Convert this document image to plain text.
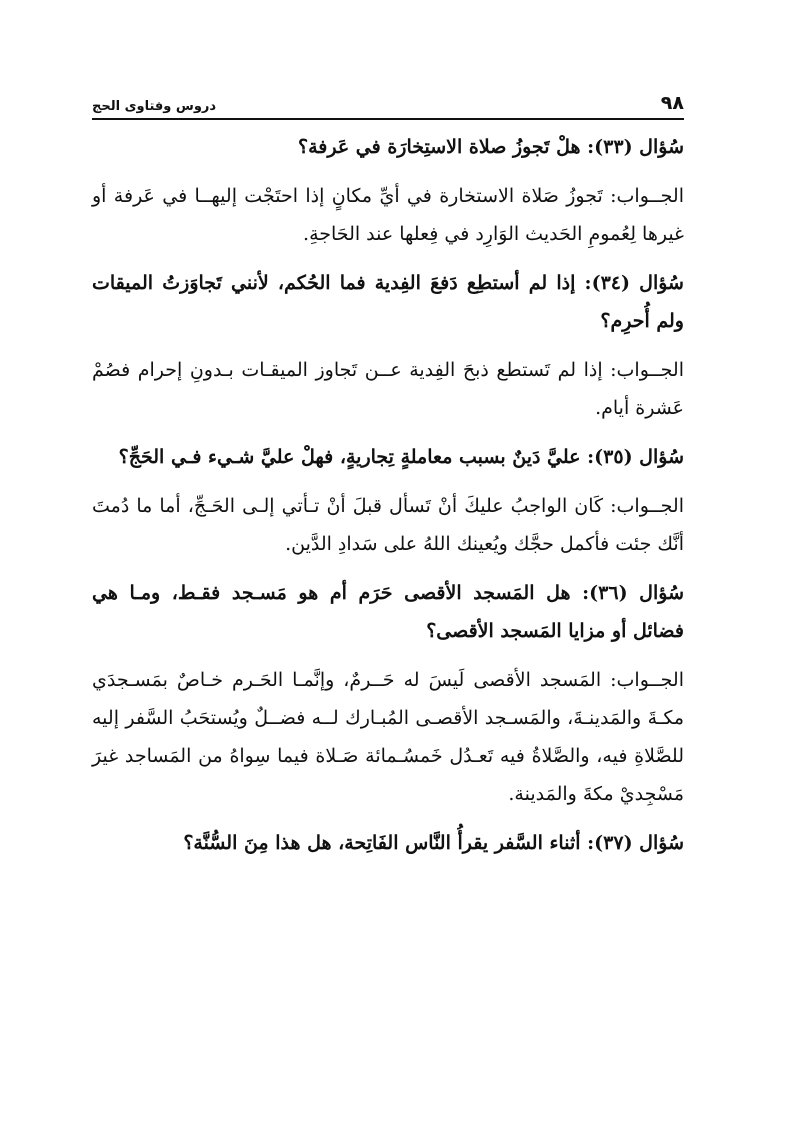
٩٨
دروس وفتاوى الحج

سُؤال (٣٣): هلْ تَجوزُ صلاة الاستِخارَة في عَرفة؟

الجــواب: تَجوزُ صَلاة الاستخارة في أيِّ مكانٍ إذا احتَجْت إليهــا في عَرفة أو غيرها لِعُمومِ الحَديث الوَارِد في فِعلها عند الحَاجةِ.

سُؤال (٣٤): إذا لم أستطِع دَفعَ الفِدية فما الحُكم، لأنني تَجاوَزتُ الميقات ولم أُحرِم؟

الجــواب: إذا لم تَستطع ذبحَ الفِدية عــن تَجاوز الميقـات بـدونِ إحرام فصُمْ عَشرة أيام.

سُؤال (٣٥): عليَّ دَينٌ بسبب معاملةٍ تِجاريةٍ، فهلْ عليَّ شـيء فـي الحَجِّ؟

الجــواب: كَان الواجبُ عليكَ أنْ تَسأل قبلَ أنْ تـأتي إلـى الحَـجِّ، أما ما دُمتَ أنَّك جئت فأكمل حجَّك ويُعينك اللهُ على سَدادِ الدَّين.

سُؤال (٣٦): هل المَسجد الأقصى حَرَم أم هو مَسـجد فقـط، ومـا هي فضائل أو مزايا المَسجد الأقصى؟

الجــواب: المَسجد الأقصى لَيسَ له حَــرمٌ، وإنَّمـا الحَـرم خـاصٌ بمَسـجدَي مكـةَ والمَدينـةَ، والمَسـجد الأقصـى المُبـارك لــه فضــلٌ ويُستحَبُ السَّفر إليه للصَّلاةِ فيه، والصَّلاةُ فيه تَعـدُل خَمسُـمائة صَـلاة فيما سِواهُ من المَساجد غيرَ مَسْجِديْ مكةَ والمَدينة.

سُؤال (٣٧): أثناء السَّفر يقرأُ النَّاس الفَاتِحة، هل هذا مِنَ السُّنَّة؟
